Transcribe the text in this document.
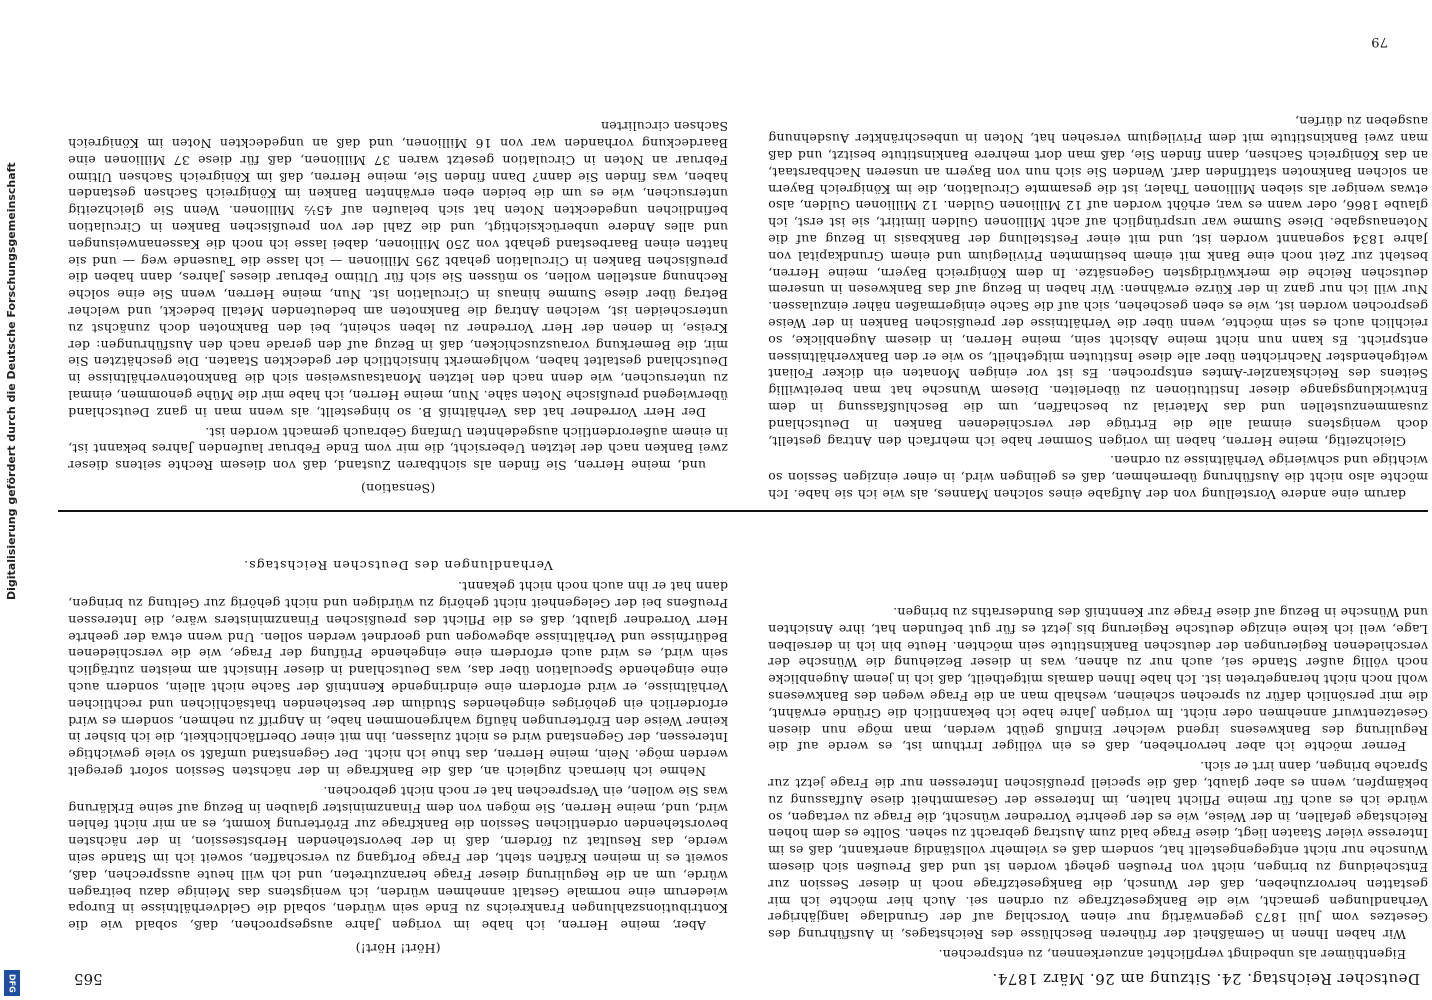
Digitalisierung gefördert durch die Deutsche Forschungsgemeinschaft
DFG	Deutscher Reichstag. 24. Sitzung am 26. März 1874.
565

Eigenthümer als unbedingt verpflichtet anzuerkennen, zu entsprechen.

Wir haben Ihnen in Gemäßheit der früheren Beschlüsse des Reichstages, in Ausführung des Gesetzes vom Juli 1873 gegenwärtig nur einen Vorschlag auf der Grundlage langjähriger Verhandlungen gemacht, wie die Bankgesetzfrage zu ordnen sei. Auch hier möchte ich mir gestatten hervorzuheben, daß der Wunsch, die Bankgesetzfrage noch in dieser Session zur Entscheidung zu bringen, nicht von Preußen gehegt worden ist und daß Preußen sich diesem Wunsche nur nicht entgegengestellt hat, sondern daß es vielmehr vollständig anerkannt, daß es im Interesse vieler Staaten liegt, diese Frage bald zum Austrag gebracht zu sehen. Sollte es dem hohen Reichstage gefallen, in der Weise, wie es der geehrte Vorredner wünscht, die Frage zu vertagen, so würde ich es auch für meine Pflicht halten, im Interesse der Gesammtheit diese Auffassung zu bekämpfen, wenn es aber glaubt, daß die speciell preußischen Interessen nur die Frage jetzt zur Sprache bringen, dann irrt er sich.

Ferner möchte ich aber hervorheben, daß es ein völliger Irrthum ist, es werde auf die Regulirung des Bankwesens irgend welcher Einfluß geübt werden, man möge nun diesen Gesetzentwurf annehmen oder nicht. Im vorigen Jahre habe ich bekanntlich die Gründe erwähnt, die mir persönlich dafür zu sprechen scheinen, weshalb man an die Frage wegen des Bankwesens wohl noch nicht herangetreten ist. Ich habe Ihnen damals mitgetheilt, daß ich in jenem Augenblicke noch völlig außer Stande sei, auch nur zu ahnen, was in dieser Beziehung die Wünsche der verschiedenen Regierungen der deutschen Bankinstitute sein möchten. Heute bin ich in derselben Lage, weil ich keine einzige deutsche Regierung bis jetzt es für gut befunden hat, ihre Ansichten und Wünsche in Bezug auf diese Frage zur Kenntniß des Bundesraths zu bringen.

(Hört! Hört!)

Aber, meine Herren, ich habe im vorigen Jahre ausgesprochen, daß, sobald wie die Kontributionszahlungen Frankreichs zu Ende sein würden, sobald die Geldverhältnisse in Europa wiederum eine normale Gestalt annehmen würden, ich wenigstens das Meinige dazu beitragen würde, um an die Regulirung dieser Frage heranzutreten, und ich will heute aussprechen, daß, soweit es in meinen Kräften steht, der Frage Fortgang zu verschaffen, soweit ich im Stande sein werde, das Resultat zu fördern, daß in der bevorstehenden Herbstsession, in der nächsten bevorstehenden ordentlichen Session die Bankfrage zur Erörterung kommt, es an mir nicht fehlen wird, und, meine Herren, Sie mögen von dem Finanzminister glauben in Bezug auf seine Erklärung was Sie wollen, ein Versprechen hat er noch nicht gebrochen.

Nehme ich hiernach zugleich an, daß die Bankfrage in der nächsten Session sofort geregelt werden möge. Nein, meine Herren, das thue ich nicht. Der Gegenstand umfaßt so viele gewichtige Interessen, der Gegenstand wird es nicht zulassen, ihn mit einer Oberflächlichkeit, die ich bisher in keiner Weise den Erörterungen häufig wahrgenommen habe, in Angriff zu nehmen, sondern es wird erforderlich ein gehöriges eingehendes Studium der bestehenden thatsächlichen und rechtlichen Verhältnisse, er wird erfordern eine eindringende Kenntniß der Sache nicht allein, sondern auch eine eingehende Speculation über das, was Deutschland in dieser Hinsicht am meisten zuträglich sein wird, es wird auch erfordern eine eingehende Prüfung der Frage, wie die verschiedenen Bedürfnisse und Verhältnisse abgewogen und geordnet werden sollen. Und wenn etwa der geehrte Herr Vorredner glaubt, daß es die Pflicht des preußischen Finanzministers wäre, die Interessen Preußens bei der Gelegenheit nicht gehörig zu würdigen und nicht gehörig zur Geltung zu bringen, dann hat er ihn auch noch nicht gekannt.

Verhandlungen des Deutschen Reichstags.

darum eine andere Vorstellung von der Aufgabe eines solchen Mannes, als wie ich sie habe. Ich möchte also nicht die Ausführung übernehmen, daß es gelingen wird, in einer einzigen Session so wichtige und schwierige Verhältnisse zu ordnen.

Gleichzeitig, meine Herren, haben im vorigen Sommer habe ich mehrfach den Antrag gestellt, doch wenigstens einmal alle die Ertrüge der verschiedenen Banken in Deutschland zusammenzustellen und das Material zu beschaffen, um die Beschlußfassung in dem Entwicklungsgange dieser Institutionen zu überleiten. Diesem Wunsche hat man bereitwillig Seitens des Reichskanzler-Amtes entsprochen. Es ist vor einigen Monaten ein dicker Foliant weitgehendster Nachrichten über alle diese Instituten mitgetheilt, so wie er den Bankverhältnissen entspricht. Es kann nun nicht meine Absicht sein, meine Herren, in diesem Augenblicke, so reichlich auch es sein möchte, wenn über die Verhältnisse der preußischen Banken in der Weise gesprochen worden ist, wie es eben geschehen, sich auf die Sache einigermaßen näher einzulassen. Nur will ich nur ganz in der Kürze erwähnen: Wir haben in Bezug auf das Bankwesen in unserem deutschen Reiche die merkwürdigsten Gegensätze. In dem Königreich Bayern, meine Herren, besteht zur Zeit noch eine Bank mit einem bestimmten Privilegium und einem Grundkapital von Jahre 1834 sogenannt worden ist, und mit einer Feststellung der Bankbasis in Bezug auf die Notenausgabe. Diese Summe war ursprünglich auf acht Millionen Gulden limitirt, sie ist erst, ich glaube 1866, oder wann es war, erhöht worden auf 12 Millionen Gulden. 12 Millionen Gulden, also etwas weniger als sieben Millionen Thaler, ist die gesammte Circulation, die im Königreich Bayern an solchen Banknoten stattfinden darf. Wenden Sie sich nun von Bayern an unseren Nachbarstaat, an das Königreich Sachsen, dann finden Sie, daß man dort mehrere Bankinstitute besitzt, und daß man zwei Bankinstitute mit dem Privilegium versehen hat, Noten in unbeschränkter Ausdehnung ausgeben zu dürfen,

(Sensation)

und, meine Herren, Sie finden als sichtbaren Zustand, daß von diesem Rechte seitens dieser zwei Banken nach der letzten Uebersicht, die mir vom Ende Februar laufenden Jahres bekannt ist, in einem außerordentlich ausgedehnten Umfang Gebrauch gemacht worden ist.

Der Herr Vorredner hat das Verhältniß B. so hingestellt, als wenn man in ganz Deutschland überwiegend preußische Noten sähe. Nun, meine Herren, ich habe mir die Mühe genommen, einmal zu untersuchen, wie denn nach den letzten Monatsausweisen sich die Banknotenverhältnisse in Deutschland gestaltet haben, wohlgemerkt hinsichtlich der gedeckten Staaten. Die geschätzten Sie mir, die Bemerkung vorauszuschicken, daß in Bezug auf den gerade nach den Ausführungen: der Kreise, in denen der Herr Vorredner zu leben scheint, bei den Banknoten doch zunächst zu unterscheiden ist, welchen Antrag die Banknoten am bedeutenden Metall bedeckt, und welcher Betrag über diese Summe hinaus in Circulation ist. Nun, meine Herren, wenn Sie eine solche Rechnung anstellen wollen, so müssen Sie sich für Ultimo Februar dieses Jahres, dann haben die preußischen Banken in Circulation gehabt 295 Millionen — ich lasse die Tausende weg — und sie hatten einen Baarbestand gehabt von 250 Millionen, dabei lasse ich noch die Kassenanweisungen und alles Andere unberücksichtigt, und die Zahl der von preußischen Banken in Circulation befindlichen ungedeckten Noten hat sich belaufen auf 45½ Millionen. Wenn Sie gleichzeitig untersuchen, wie es um die beiden eben erwähnten Banken im Königreich Sachsen gestanden haben, was finden Sie dann? Dann finden Sie, meine Herren, daß im Königreich Sachsen Ultimo Februar an Noten in Circulation gesetzt waren 37 Millionen, daß für diese 37 Millionen eine Baardeckung vorhanden war von 16 Millionen, und daß an ungedeckten Noten im Königreich Sachsen circulirten

79
